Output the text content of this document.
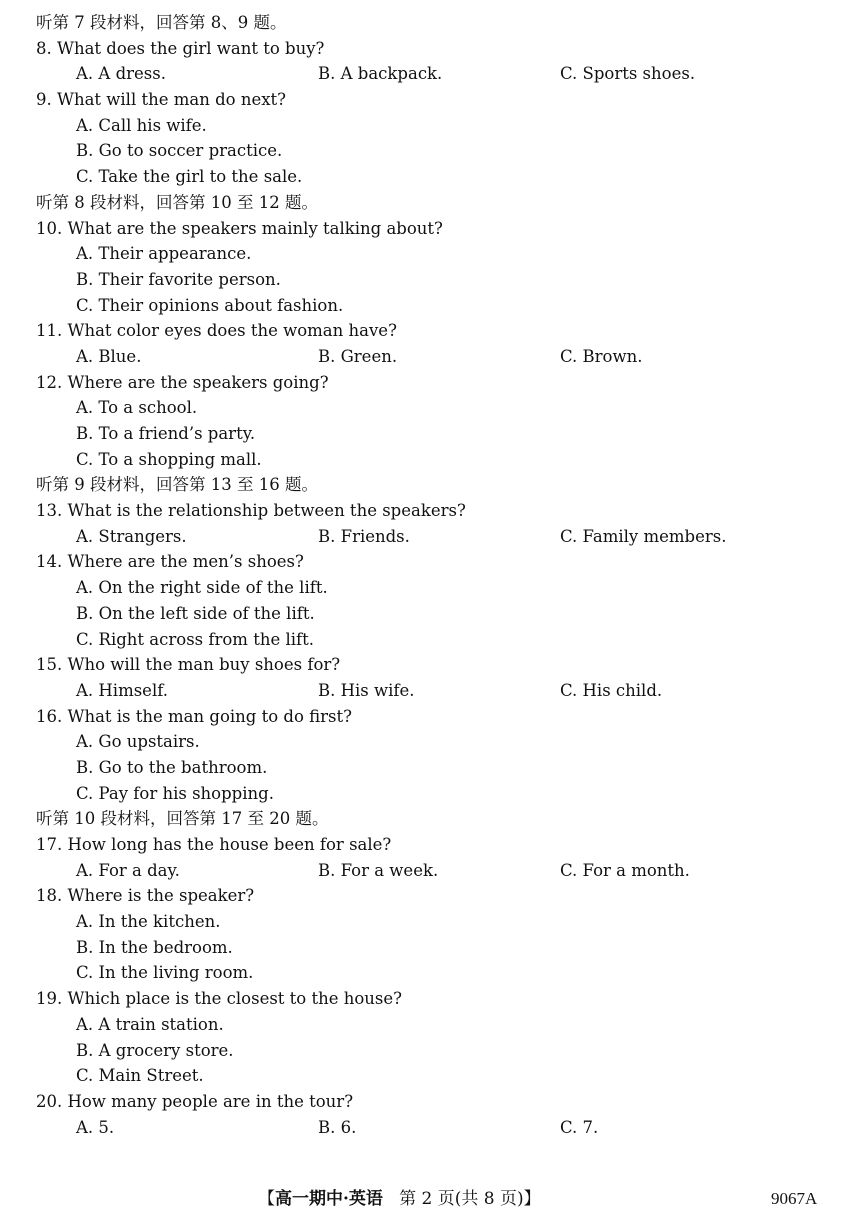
听第 7 段材料，回答第 8、9 题。
8. What does the girl want to buy?
A. A dress.	B. A backpack.	C. Sports shoes.
9. What will the man do next?
A. Call his wife.
B. Go to soccer practice.
C. Take the girl to the sale.
听第 8 段材料，回答第 10 至 12 题。
10. What are the speakers mainly talking about?
A. Their appearance.
B. Their favorite person.
C. Their opinions about fashion.
11. What color eyes does the woman have?
A. Blue.	B. Green.	C. Brown.
12. Where are the speakers going?
A. To a school.
B. To a friend’s party.
C. To a shopping mall.
听第 9 段材料，回答第 13 至 16 题。
13. What is the relationship between the speakers?
A. Strangers.	B. Friends.	C. Family members.
14. Where are the men’s shoes?
A. On the right side of the lift.
B. On the left side of the lift.
C. Right across from the lift.
15. Who will the man buy shoes for?
A. Himself.	B. His wife.	C. His child.
16. What is the man going to do first?
A. Go upstairs.
B. Go to the bathroom.
C. Pay for his shopping.
听第 10 段材料，回答第 17 至 20 题。
17. How long has the house been for sale?
A. For a day.	B. For a week.	C. For a month.
18. Where is the speaker?
A. In the kitchen.
B. In the bedroom.
C. In the living room.
19. Which place is the closest to the house?
A. A train station.
B. A grocery store.
C. Main Street.
20. How many people are in the tour?
A. 5.	B. 6.	C. 7.
【高一期中·英语 第 2 页(共 8 页)】	9067A
